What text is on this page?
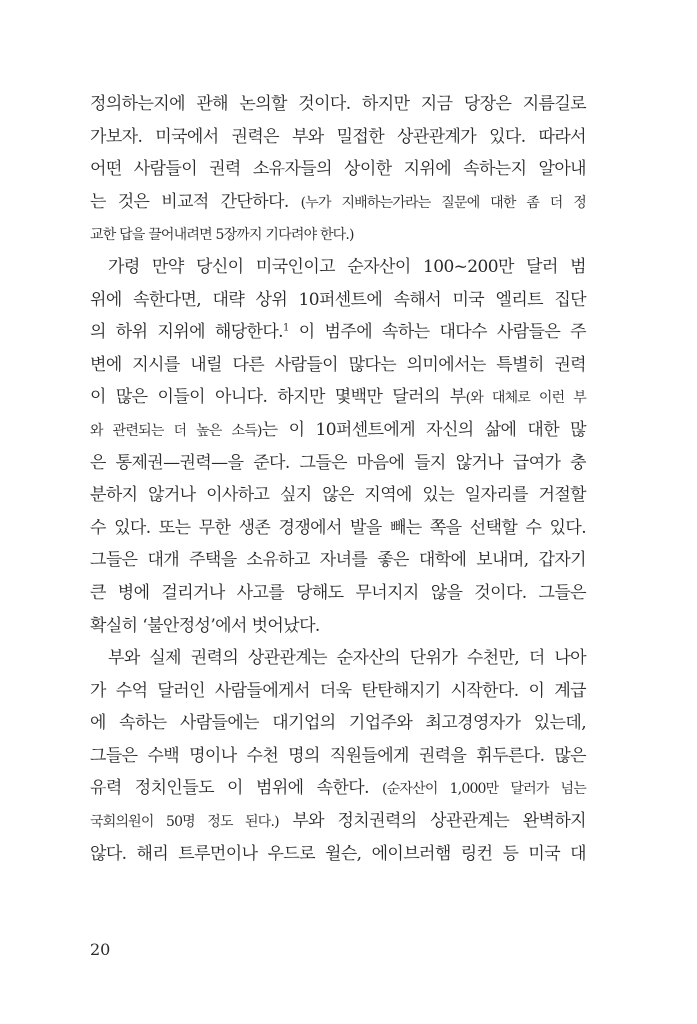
정의하는지에 관해 논의할 것이다. 하지만 지금 당장은 지름길로
가보자. 미국에서 권력은 부와 밀접한 상관관계가 있다. 따라서
어떤 사람들이 권력 소유자들의 상이한 지위에 속하는지 알아내
는 것은 비교적 간단하다. (누가 지배하는가라는 질문에 대한 좀 더 정
교한 답을 끌어내려면 5장까지 기다려야 한다.)
가령 만약 당신이 미국인이고 순자산이 100~200만 달러 범
위에 속한다면, 대략 상위 10퍼센트에 속해서 미국 엘리트 집단
의 하위 지위에 해당한다.$^1$ 이 범주에 속하는 대다수 사람들은 주
변에 지시를 내릴 다른 사람들이 많다는 의미에서는 특별히 권력
이 많은 이들이 아니다. 하지만 몇백만 달러의 부(와 대체로 이런 부
와 관련되는 더 높은 소득)는 이 10퍼센트에게 자신의 삶에 대한 많
은 통제권—권력—을 준다. 그들은 마음에 들지 않거나 급여가 충
분하지 않거나 이사하고 싶지 않은 지역에 있는 일자리를 거절할
수 있다. 또는 무한 생존 경쟁에서 발을 빼는 쪽을 선택할 수 있다.
그들은 대개 주택을 소유하고 자녀를 좋은 대학에 보내며, 갑자기
큰 병에 걸리거나 사고를 당해도 무너지지 않을 것이다. 그들은
확실히 ‘불안정성’에서 벗어났다.
부와 실제 권력의 상관관계는 순자산의 단위가 수천만, 더 나아
가 수억 달러인 사람들에게서 더욱 탄탄해지기 시작한다. 이 계급
에 속하는 사람들에는 대기업의 기업주와 최고경영자가 있는데,
그들은 수백 명이나 수천 명의 직원들에게 권력을 휘두른다. 많은
유력 정치인들도 이 범위에 속한다. (순자산이 1,000만 달러가 넘는
국회의원이 50명 정도 된다.) 부와 정치권력의 상관관계는 완벽하지
않다. 해리 트루먼이나 우드로 윌슨, 에이브러햄 링컨 등 미국 대
20
